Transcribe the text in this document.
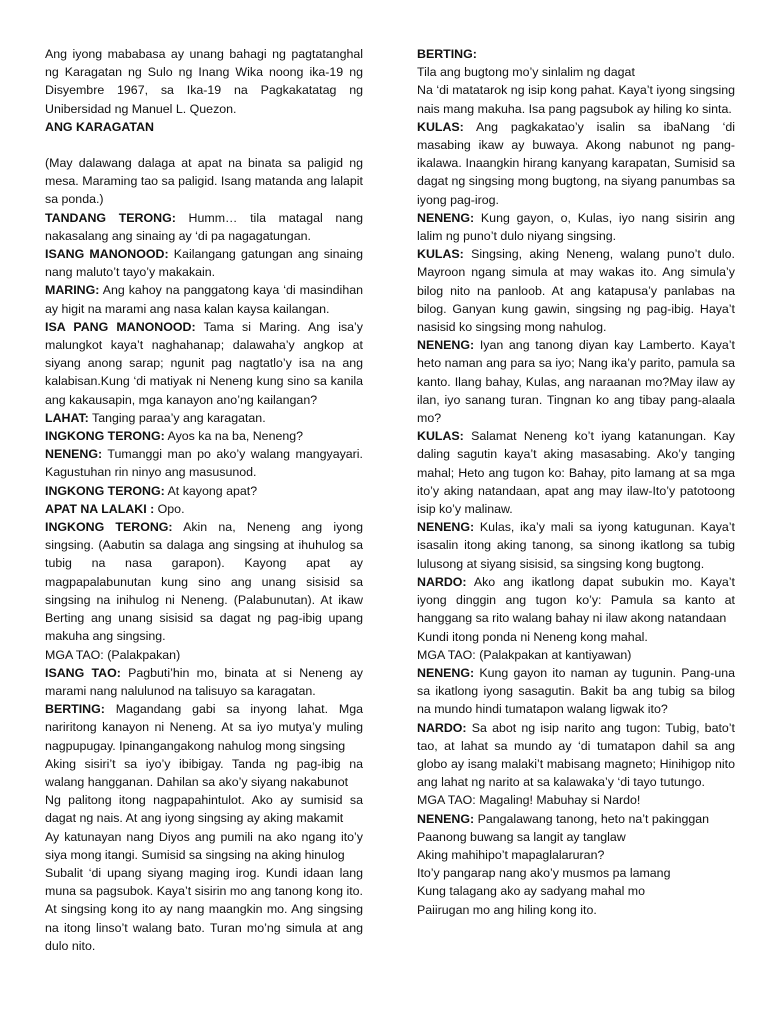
Ang iyong mababasa ay unang bahagi ng pagtatanghal ng Karagatan ng Sulo ng Inang Wika noong ika-19 ng Disyembre 1967, sa Ika-19 na Pagkakatatag ng Unibersidad ng Manuel L. Quezon.

ANG KARAGATAN

(May dalawang dalaga at apat na binata sa paligid ng mesa. Maraming tao sa paligid. Isang matanda ang lalapit sa ponda.)

TANDANG TERONG: Humm… tila matagal nang nakasalang ang sinaing ay ‘di pa nagagatungan.

ISANG MANONOOD: Kailangang gatungan ang sinaing nang maluto’t tayo’y makakain.

MARING: Ang kahoy na panggatong kaya ‘di masindihan ay higit na marami ang nasa kalan kaysa kailangan.

ISA PANG MANONOOD: Tama si Maring. Ang isa’y malungkot kaya’t naghahanap; dalawaha’y angkop at siyang anong sarap; ngunit pag nagtatlo’y isa na ang kalabisan.Kung ‘di matiyak ni Neneng kung sino sa kanila ang kakausapin, mga kanayon ano’ng kailangan?

LAHAT: Tanging paraa’y ang karagatan.

INGKONG TERONG: Ayos ka na ba, Neneng?

NENENG: Tumanggi man po ako’y walang mangyayari. Kagustuhan rin ninyo ang masusunod.

INGKONG TERONG: At kayong apat?

APAT NA LALAKI : Opo.

INGKONG TERONG: Akin na, Neneng ang iyong singsing. (Aabutin sa dalaga ang singsing at ihuhulog sa tubig na nasa garapon). Kayong apat ay magpapalabunutan kung sino ang unang sisisid sa singsing na inihulog ni Neneng. (Palabunutan). At ikaw Berting ang unang sisisid sa dagat ng pag-ibig upang makuha ang singsing.

MGA TAO: (Palakpakan)

ISANG TAO: Pagbuti’hin mo, binata at si Neneng ay marami nang nalulunod na talisuyo sa karagatan.

BERTING: Magandang gabi sa inyong lahat. Mga nariritong kanayon ni Neneng. At sa iyo mutya’y muling nagpupugay. Ipinangangakong nahulog mong singsing

Aking sisiri’t sa iyo’y ibibigay. Tanda ng pag-ibig na walang hangganan. Dahilan sa ako’y siyang nakabunot

Ng palitong itong nagpapahintulot. Ako ay sumisid sa dagat ng nais. At ang iyong singsing ay aking makamit

Ay katunayan nang Diyos ang pumili na ako ngang ito’y siya mong itangi. Sumisid sa singsing na aking hinulog

Subalit ‘di upang siyang maging irog. Kundi idaan lang muna sa pagsubok. Kaya’t sisirin mo ang tanong kong ito. At singsing kong ito ay nang maangkin mo. Ang singsing na itong linso’t walang bato. Turan mo’ng simula at ang dulo nito.

BERTING:

Tila ang bugtong mo’y sinlalim ng dagat

Na ‘di matatarok ng isip kong pahat. Kaya’t iyong singsing nais mang makuha. Isa pang pagsubok ay hiling ko sinta.

KULAS: Ang pagkakatao’y isalin sa ibaNang ‘di masabing ikaw ay buwaya. Akong nabunot ng pang-ikalawa. Inaangkin hirang kanyang karapatan, Sumisid sa dagat ng singsing mong bugtong, na siyang panumbas sa iyong pag-irog.

NENENG: Kung gayon, o, Kulas, iyo nang sisirin ang lalim ng puno’t dulo niyang singsing.

KULAS: Singsing, aking Neneng, walang puno’t dulo. Mayroon ngang simula at may wakas ito. Ang simula’y bilog nito na panloob. At ang katapusa’y panlabas na bilog. Ganyan kung gawin, singsing ng pag-ibig. Haya’t nasisid ko singsing mong nahulog.

NENENG: Iyan ang tanong diyan kay Lamberto. Kaya’t heto naman ang para sa iyo; Nang ika’y parito, pamula sa kanto. Ilang bahay, Kulas, ang naraanan mo?May ilaw ay ilan, iyo sanang turan. Tingnan ko ang tibay pang-alaala mo?

KULAS: Salamat Neneng ko’t iyang katanungan. Kay daling sagutin kaya’t aking masasabing. Ako’y tanging mahal; Heto ang tugon ko: Bahay, pito lamang at sa mga ito’y aking natandaan, apat ang may ilaw-Ito’y patotoong isip ko’y malinaw.

NENENG: Kulas, ika’y mali sa iyong katugunan. Kaya’t isasalin itong aking tanong, sa sinong ikatlong sa tubig lulusong at siyang sisisid, sa singsing kong bugtong.

NARDO: Ako ang ikatlong dapat subukin mo. Kaya’t iyong dinggin ang tugon ko’y: Pamula sa kanto at hanggang sa rito walang bahay ni ilaw akong natandaan

Kundi itong ponda ni Neneng kong mahal.

MGA TAO: (Palakpakan at kantiyawan)

NENENG: Kung gayon ito naman ay tugunin. Pang-una sa ikatlong iyong sasagutin. Bakit ba ang tubig sa bilog na mundo hindi tumatapon walang ligwak ito?

NARDO: Sa abot ng isip narito ang tugon: Tubig, bato’t tao, at lahat sa mundo ay ‘di tumatapon dahil sa ang globo ay isang malaki’t mabisang magneto; Hinihigop nito ang lahat ng narito at sa kalawaka’y ‘di tayo tutungo.

MGA TAO: Magaling! Mabuhay si Nardo!

NENENG: Pangalawang tanong, heto na’t pakinggan

Paanong buwang sa langit ay tanglaw

Aking mahihipo’t mapaglalaruran?

Ito’y pangarap nang ako’y musmos pa lamang

Kung talagang ako ay sadyang mahal mo

Paiirugan mo ang hiling kong ito.
